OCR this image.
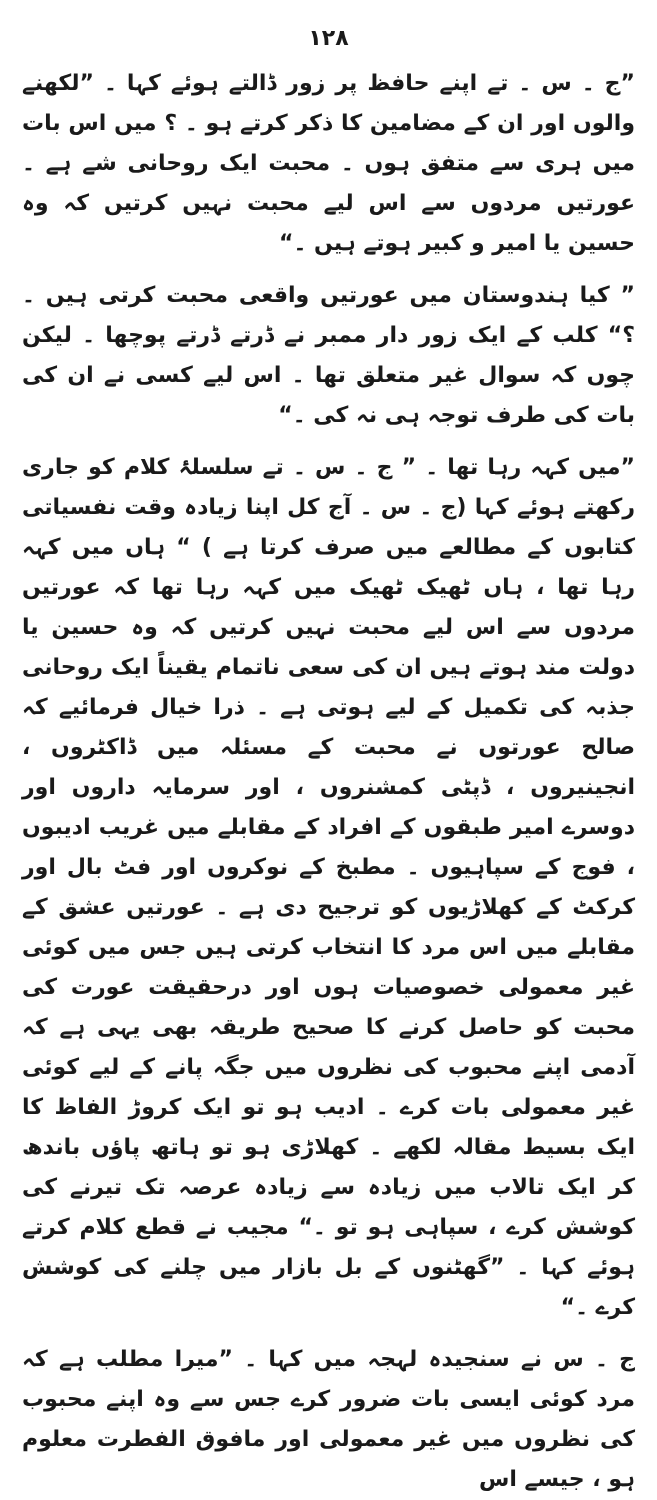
١٢٨

”ج ۔ س ۔ تے اپنے حافظ پر زور ڈالتے ہوئے کہا ۔ ”لکھنے والوں اور ان کے مضامین کا ذکر کرتے ہو ۔ ؟ میں اس بات میں ہری سے متفق ہوں ۔ محبت ایک روحانی شے ہے ۔ عورتیں مردوں سے اس لیے محبت نہیں کرتیں کہ وہ حسین یا امیر و کبیر ہوتے ہیں ۔“

” کیا ہندوستان میں عورتیں واقعی محبت کرتی ہیں ۔ ؟“ کلب کے ایک زور دار ممبر نے ڈرتے ڈرتے پوچھا ۔ لیکن چوں کہ سوال غیر متعلق تھا ۔ اس لیے کسی نے ان کی بات کی طرف توجہ ہی نہ کی ۔“

”میں کہہ رہا تھا ۔ ” ج ۔ س ۔ تے سلسلۂ کلام کو جاری رکھتے ہوئے کہا (ج ۔ س ۔ آج کل اپنا زیادہ وقت نفسیاتی کتابوں کے مطالعے میں صرف کرتا ہے ) “ ہاں میں کہہ رہا تھا ، ہاں ٹھیک ٹھیک میں کہہ رہا تھا کہ عورتیں مردوں سے اس لیے محبت نہیں کرتیں کہ وہ حسین یا دولت مند ہوتے ہیں ان کی سعی ناتمام یقیناً ایک روحانی جذبہ کی تکمیل کے لیے ہوتی ہے ۔ ذرا خیال فرمائیے کہ صالح عورتوں نے محبت کے مسئلہ میں ڈاکٹروں ، انجینیروں ، ڈپٹی کمشنروں ، اور سرمایہ داروں اور دوسرے امیر طبقوں کے افراد کے مقابلے میں غریب ادیبوں ، فوج کے سپاہیوں ۔ مطبخ کے نوکروں اور فٹ بال اور کرکٹ کے کھلاڑیوں کو ترجیح دی ہے ۔ عورتیں عشق کے مقابلے میں اس مرد کا انتخاب کرتی ہیں جس میں کوئی غیر معمولی خصوصیات ہوں اور درحقیقت عورت کی محبت کو حاصل کرنے کا صحیح طریقہ بھی یہی ہے کہ آدمی اپنے محبوب کی نظروں میں جگہ پانے کے لیے کوئی غیر معمولی بات کرے ۔ ادیب ہو تو ایک کروڑ الفاظ کا ایک بسیط مقالہ لکھے ۔ کھلاڑی ہو تو ہاتھ پاؤں باندھ کر ایک تالاب میں زیادہ سے زیادہ عرصہ تک تیرنے کی کوشش کرے ، سپاہی ہو تو ۔“ مجیب نے قطع کلام کرتے ہوئے کہا ۔ ”گھٹنوں کے بل بازار میں چلنے کی کوشش کرے ۔“

ج ۔ س نے سنجیدہ لہجہ میں کہا ۔ ”میرا مطلب ہے کہ مرد کوئی ایسی بات ضرور کرے جس سے وہ اپنے محبوب کی نظروں میں غیر معمولی اور مافوق الفطرت معلوم ہو ، جیسے اس
